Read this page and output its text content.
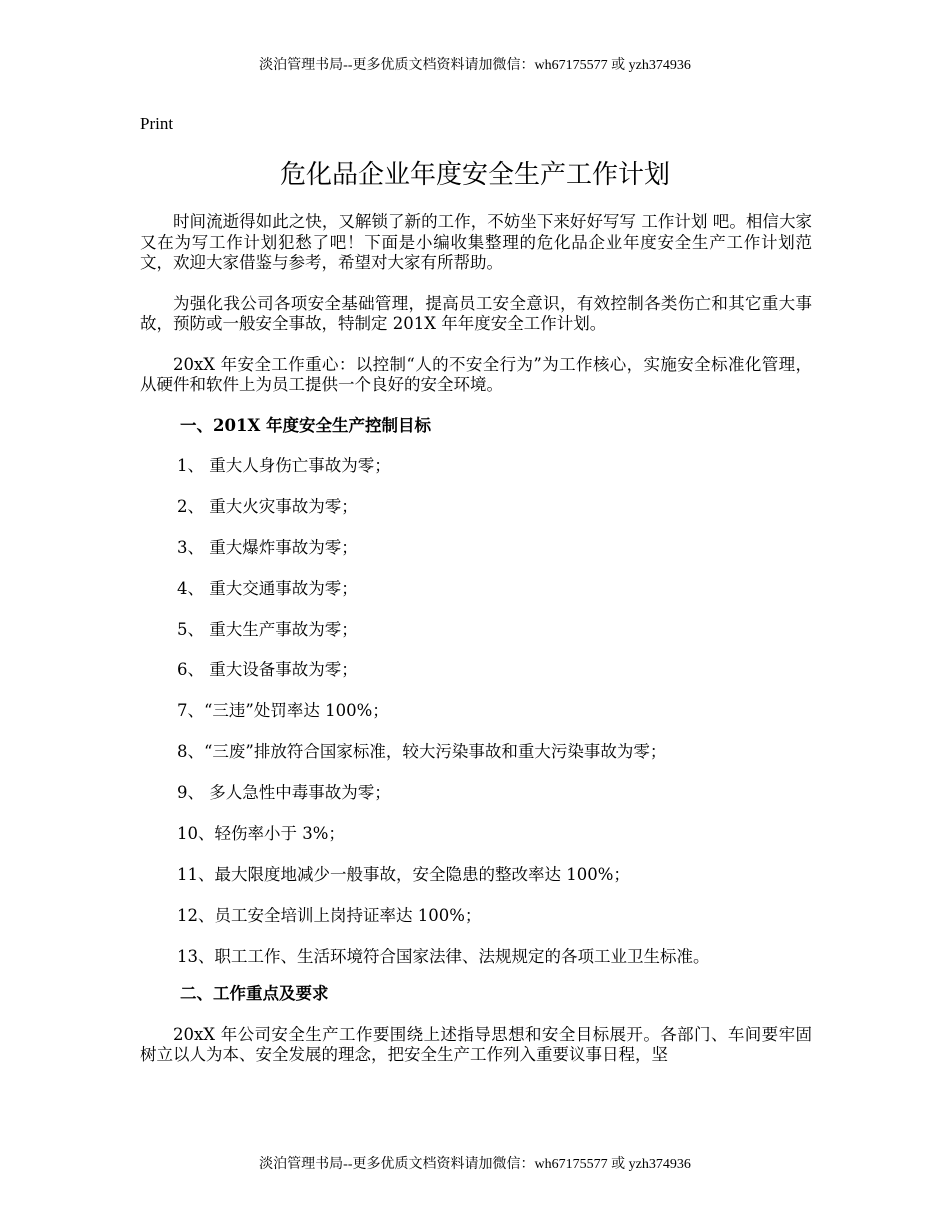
淡泊管理书局--更多优质文档资料请加微信：wh67175577 或 yzh374936
Print
危化品企业年度安全生产工作计划

时间流逝得如此之快，又解锁了新的工作，不妨坐下来好好写写 工作计划 吧。相信大家又在为写工作计划犯愁了吧！下面是小编收集整理的危化品企业年度安全生产工作计划范文，欢迎大家借鉴与参考，希望对大家有所帮助。

为强化我公司各项安全基础管理，提高员工安全意识，有效控制各类伤亡和其它重大事故，预防或一般安全事故，特制定 201X 年年度安全工作计划。

20xX 年安全工作重心：以控制“人的不安全行为”为工作核心，实施安全标准化管理，从硬件和软件上为员工提供一个良好的安全环境。

一、201X 年度安全生产控制目标
1、 重大人身伤亡事故为零；
2、 重大火灾事故为零；
3、 重大爆炸事故为零；
4、 重大交通事故为零；
5、 重大生产事故为零；
6、 重大设备事故为零；
7、“三违”处罚率达 100%；
8、“三废”排放符合国家标准，较大污染事故和重大污染事故为零；
9、 多人急性中毒事故为零；
10、轻伤率小于 3%；
11、最大限度地减少一般事故，安全隐患的整改率达 100%；
12、员工安全培训上岗持证率达 100%；
13、职工工作、生活环境符合国家法律、法规规定的各项工业卫生标准。
二、工作重点及要求

20xX 年公司安全生产工作要围绕上述指导思想和安全目标展开。各部门、车间要牢固树立以人为本、安全发展的理念，把安全生产工作列入重要议事日程，坚

淡泊管理书局--更多优质文档资料请加微信：wh67175577 或 yzh374936
